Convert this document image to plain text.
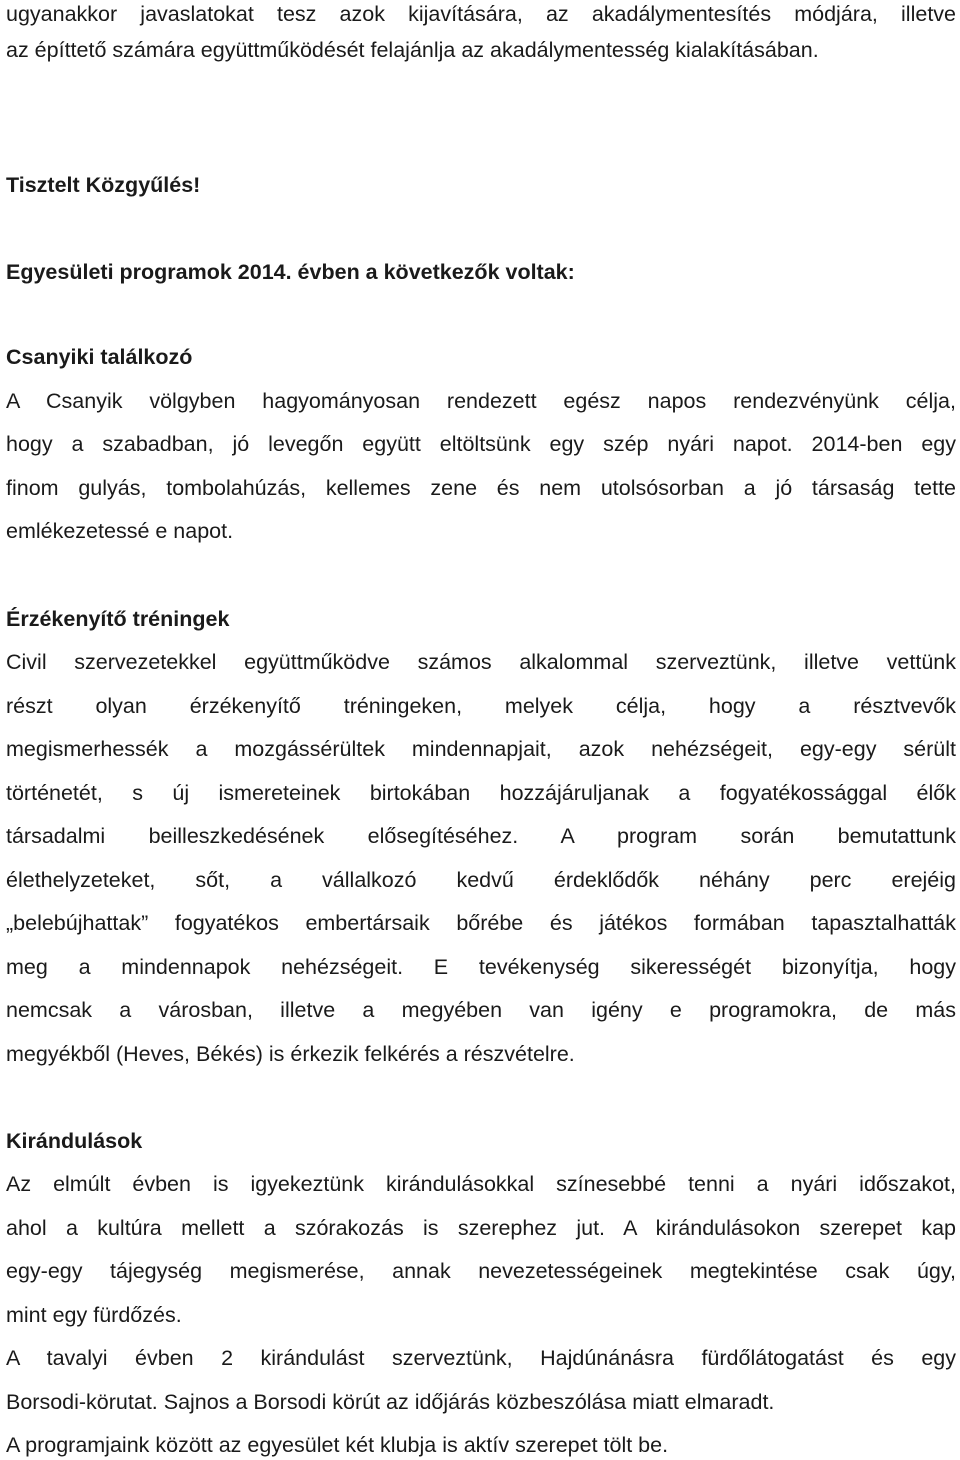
ugyanakkor javaslatokat tesz azok kijavítására, az akadálymentesítés módjára, illetve
az építtető számára együttműködését felajánlja az akadálymentesség kialakításában.
Tisztelt Közgyűlés!
Egyesületi programok 2014. évben a következők voltak:
Csanyiki találkozó
A Csanyik völgyben hagyományosan rendezett egész napos rendezvényünk célja,
hogy a szabadban, jó levegőn együtt eltöltsünk egy szép nyári napot. 2014-ben egy
finom gulyás, tombolahúzás, kellemes zene és nem utolsósorban a jó társaság tette
emlékezetessé e napot.
Érzékenyítő tréningek
Civil szervezetekkel együttműködve számos alkalommal szerveztünk, illetve vettünk
részt olyan érzékenyítő tréningeken, melyek célja, hogy a résztvevők
megismerhessék a mozgássérültek mindennapjait, azok nehézségeit, egy-egy sérült
történetét, s új ismereteinek birtokában hozzájáruljanak a fogyatékossággal élők
társadalmi beilleszkedésének elősegítéséhez. A program során bemutattunk
élethelyzeteket, sőt, a vállalkozó kedvű érdeklődők néhány perc erejéig
„belebújhattak” fogyatékos embertársaik bőrébe és játékos formában tapasztalhatták
meg a mindennapok nehézségeit. E tevékenység sikerességét bizonyítja, hogy
nemcsak a városban, illetve a megyében van igény e programokra, de más
megyékből (Heves, Békés) is érkezik felkérés a részvételre.
Kirándulások
Az elmúlt évben is igyekeztünk kirándulásokkal színesebbé tenni a nyári időszakot,
ahol a kultúra mellett a szórakozás is szerephez jut. A kirándulásokon szerepet kap
egy-egy tájegység megismerése, annak nevezetességeinek megtekintése csak úgy,
mint egy fürdőzés.
A tavalyi évben 2 kirándulást szerveztünk, Hajdúnánásra fürdőlátogatást és egy
Borsodi-körutat. Sajnos a Borsodi körút az időjárás közbeszólása miatt elmaradt.
A programjaink között az egyesület két klubja is aktív szerepet tölt be.
